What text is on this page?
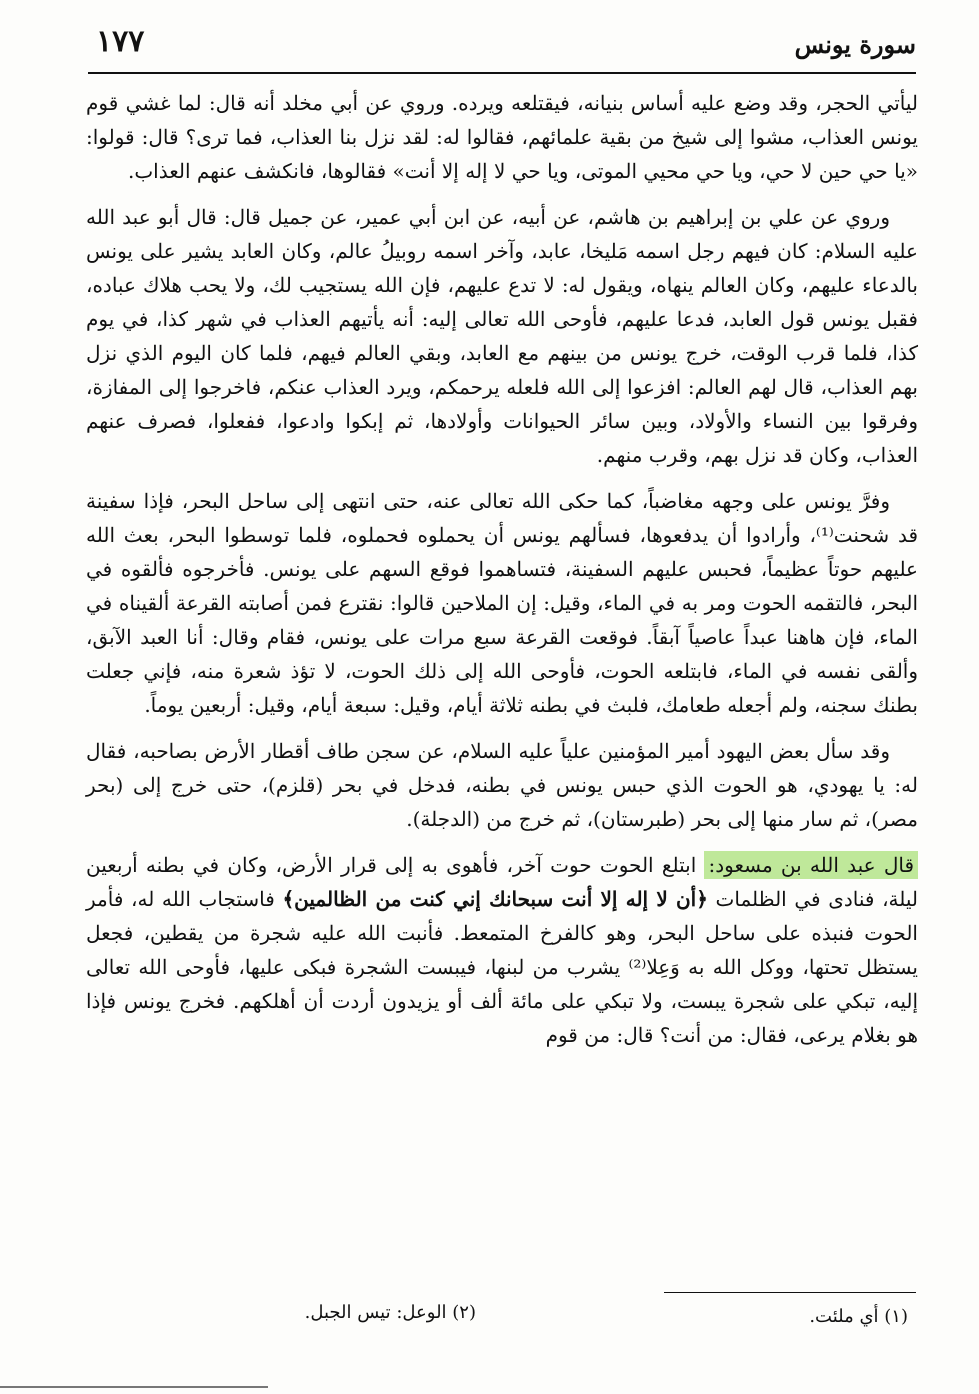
١٧٧	سورة يونس

ليأتي الحجر، وقد وضع عليه أساس بنيانه، فيقتلعه ويرده. وروي عن أبي مخلد أنه قال: لما غشي قوم يونس العذاب، مشوا إلى شيخ من بقية علمائهم، فقالوا له: لقد نزل بنا العذاب، فما ترى؟ قال: قولوا: «يا حي حين لا حي، ويا حي محيي الموتى، ويا حي لا إله إلا أنت» فقالوها، فانكشف عنهم العذاب.

وروي عن علي بن إبراهيم بن هاشم، عن أبيه، عن ابن أبي عمير، عن جميل قال: قال أبو عبد الله عليه السلام: كان فيهم رجل اسمه مَليخا، عابد، وآخر اسمه روبيلُ عالم، وكان العابد يشير على يونس بالدعاء عليهم، وكان العالم ينهاه، ويقول له: لا تدع عليهم، فإن الله يستجيب لك، ولا يحب هلاك عباده، فقبل يونس قول العابد، فدعا عليهم، فأوحى الله تعالى إليه: أنه يأتيهم العذاب في شهر كذا، في يوم كذا، فلما قرب الوقت، خرج يونس من بينهم مع العابد، وبقي العالم فيهم، فلما كان اليوم الذي نزل بهم العذاب، قال لهم العالم: افزعوا إلى الله فلعله يرحمكم، ويرد العذاب عنكم، فاخرجوا إلى المفازة، وفرقوا بين النساء والأولاد، وبين سائر الحيوانات وأولادها، ثم إبكوا وادعوا، ففعلوا، فصرف عنهم العذاب، وكان قد نزل بهم، وقرب منهم.

وفرَّ يونس على وجهه مغاضباً، كما حكى الله تعالى عنه، حتى انتهى إلى ساحل البحر، فإذا سفينة قد شحنت⁽¹⁾، وأرادوا أن يدفعوها، فسألهم يونس أن يحملوه فحملوه، فلما توسطوا البحر، بعث الله عليهم حوتاً عظيماً، فحبس عليهم السفينة، فتساهموا فوقع السهم على يونس. فأخرجوه فألقوه في البحر، فالتقمه الحوت ومر به في الماء، وقيل: إن الملاحين قالوا: نقترع فمن أصابته القرعة ألقيناه في الماء، فإن هاهنا عبداً عاصياً آبقاً. فوقعت القرعة سبع مرات على يونس، فقام وقال: أنا العبد الآبق، وألقى نفسه في الماء، فابتلعه الحوت، فأوحى الله إلى ذلك الحوت، لا تؤذ شعرة منه، فإني جعلت بطنك سجنه، ولم أجعله طعامك، فلبث في بطنه ثلاثة أيام، وقيل: سبعة أيام، وقيل: أربعين يوماً.

وقد سأل بعض اليهود أمير المؤمنين علياً عليه السلام، عن سجن طاف أقطار الأرض بصاحبه، فقال له: يا يهودي، هو الحوت الذي حبس يونس في بطنه، فدخل في بحر (قلزم)، حتى خرج إلى (بحر مصر)، ثم سار منها إلى بحر (طبرستان)، ثم خرج من (الدجلة).

قال عبد الله بن مسعود: ابتلع الحوت حوت آخر، فأهوى به إلى قرار الأرض، وكان في بطنه أربعين ليلة، فنادى في الظلمات ﴿أن لا إله إلا أنت سبحانك إني كنت من الظالمين﴾ فاستجاب الله له، فأمر الحوت فنبذه على ساحل البحر، وهو كالفرخ المتمعط. فأنبت الله عليه شجرة من يقطين، فجعل يستظل تحتها، ووكل الله به وَعِلا⁽²⁾ يشرب من لبنها، فيبست الشجرة فبكى عليها، فأوحى الله تعالى إليه، تبكي على شجرة يبست، ولا تبكي على مائة ألف أو يزيدون أردت أن أهلكهم. فخرج يونس فإذا هو بغلام يرعى، فقال: من أنت؟ قال: من قوم

(١) أي ملئت.
(٢) الوعل: تيس الجبل.
